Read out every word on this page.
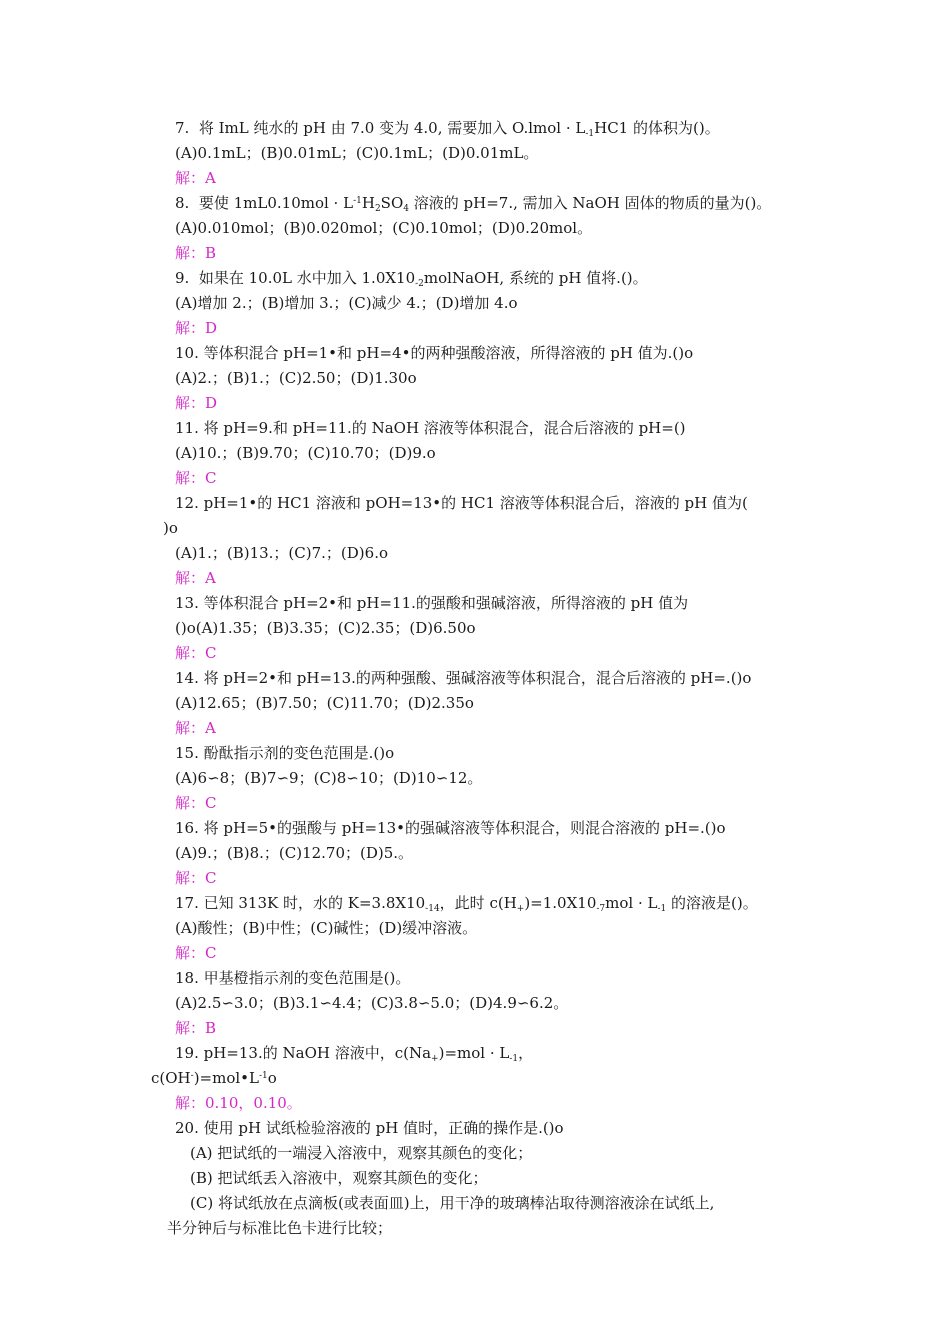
7.  将 ImL 纯水的 pH 由 7.0 变为 4.0, 需要加入 O.lmol · $L_{-1}HC1$ 的体积为()。
(A)0.1mL；(B)0.01mL；(C)0.1mL；(D)0.01mL。
解：A
8.  要使 $1mL0.10mol \cdot L^{-1}H_2SO_4$ 溶液的 pH=7., 需加入 NaOH 固体的物质的量为()。
(A)0.010mol；(B)0.020mol；(C)0.10mol；(D)0.20mol。
解：B
9.  如果在 10.0L 水中加入 $1.0X10_{-2}molNaOH$, 系统的 pH 值将.()。
(A)增加 2.；(B)增加 3.；(C)减少 4.；(D)增加 4.o
解：D
10. 等体积混合 pH=1•和 pH=4•的两种强酸溶液，所得溶液的 pH 值为.()o
(A)2.；(B)1.；(C)2.50；(D)1.30o
解：D
11. 将 pH=9.和 pH=11.的 NaOH 溶液等体积混合，混合后溶液的 pH=()
(A)10.；(B)9.70；(C)10.70；(D)9.o
解：C
12. pH=1•的 HC1 溶液和 pOH=13•的 HC1 溶液等体积混合后，溶液的 pH 值为(
)o
(A)1.；(B)13.；(C)7.；(D)6.o
解：A
13. 等体积混合 pH=2•和 pH=11.的强酸和强碱溶液，所得溶液的 pH 值为
()o(A)1.35；(B)3.35；(C)2.35；(D)6.50o
解：C
14. 将 pH=2•和 pH=13.的两种强酸、强碱溶液等体积混合，混合后溶液的 pH=.()o
(A)12.65；(B)7.50；(C)11.70；(D)2.35o
解：A
15. 酚酞指示剂的变色范围是.()o
(A)6∽8；(B)7∽9；(C)8∽10；(D)10∽12。
解：C
16. 将 pH=5•的强酸与 pH=13•的强碱溶液等体积混合，则混合溶液的 pH=.()o
(A)9.；(B)8.；(C)12.70；(D)5.。
解：C
17. 已知 313K 时，水的 $K=3.8X10_{-14}$，此时 $c(H_+)=1.0X10_{-7}mol \cdot L_{-1}$ 的溶液是()。
(A)酸性；(B)中性；(C)碱性；(D)缓冲溶液。
解：C
18. 甲基橙指示剂的变色范围是()。
(A)2.5∽3.0；(B)3.1∽4.4；(C)3.8∽5.0；(D)4.9∽6.2。
解：B
19. pH=13.的 NaOH 溶液中，$c(Na_+)=mol \cdot L_{-1}$，
$c(OH^-)=mol•L^{-1}o$
解：0.10，0.10。
20. 使用 pH 试纸检验溶液的 pH 值时，正确的操作是.()o
(A) 把试纸的一端浸入溶液中，观察其颜色的变化；
(B) 把试纸丢入溶液中，观察其颜色的变化；
(C) 将试纸放在点滴板(或表面皿)上，用干净的玻璃棒沾取待测溶液涂在试纸上,
半分钟后与标准比色卡进行比较；
